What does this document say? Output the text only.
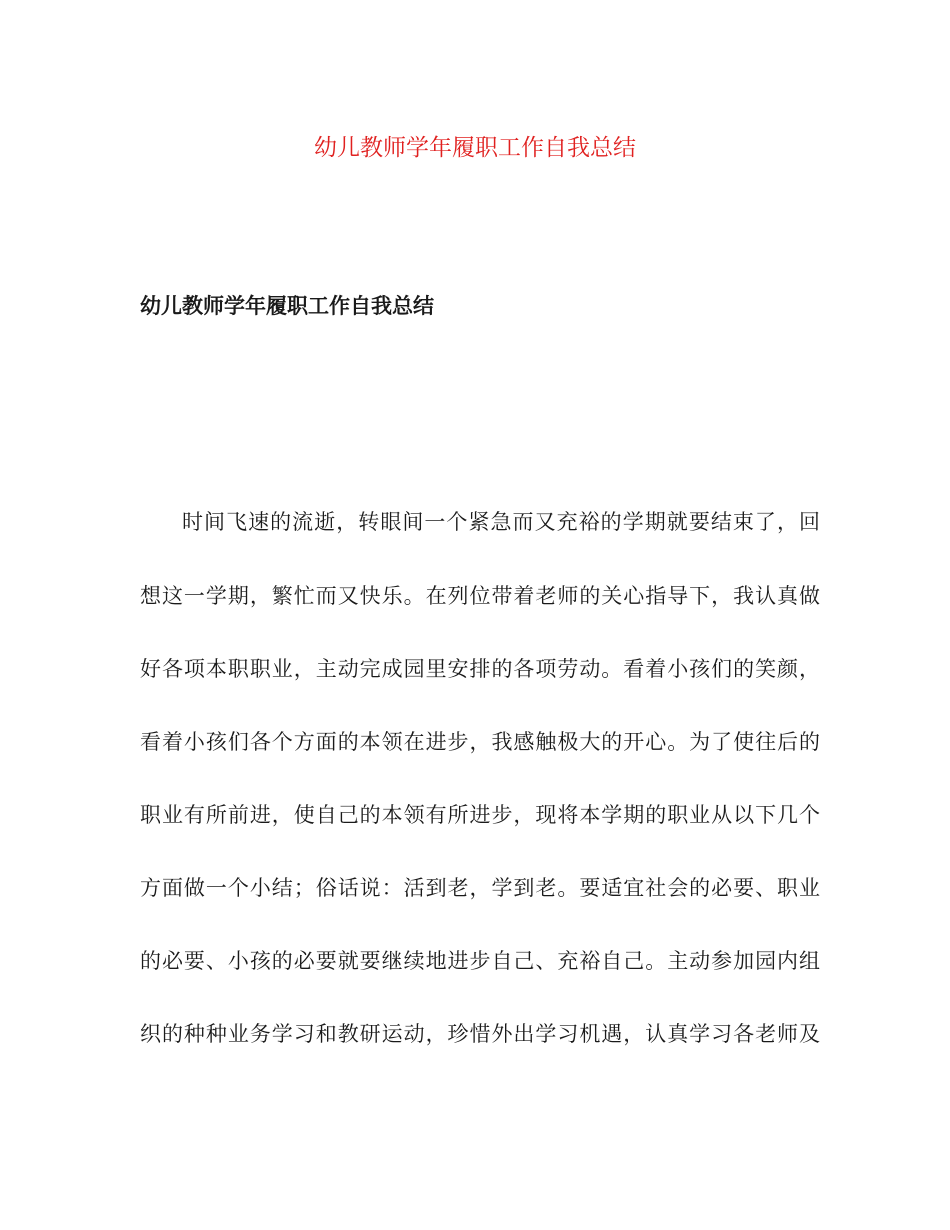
幼儿教师学年履职工作自我总结
幼儿教师学年履职工作自我总结
时间飞速的流逝，转眼间一个紧急而又充裕的学期就要结束了，回
想这一学期，繁忙而又快乐。在列位带着老师的关心指导下，我认真做
好各项本职职业，主动完成园里安排的各项劳动。看着小孩们的笑颜，
看着小孩们各个方面的本领在进步，我感触极大的开心。为了使往后的
职业有所前进，使自己的本领有所进步，现将本学期的职业从以下几个
方面做一个小结；俗话说：活到老，学到老。要适宜社会的必要、职业
的必要、小孩的必要就要继续地进步自己、充裕自己。主动参加园内组
织的种种业务学习和教研运动，珍惜外出学习机遇，认真学习各老师及
